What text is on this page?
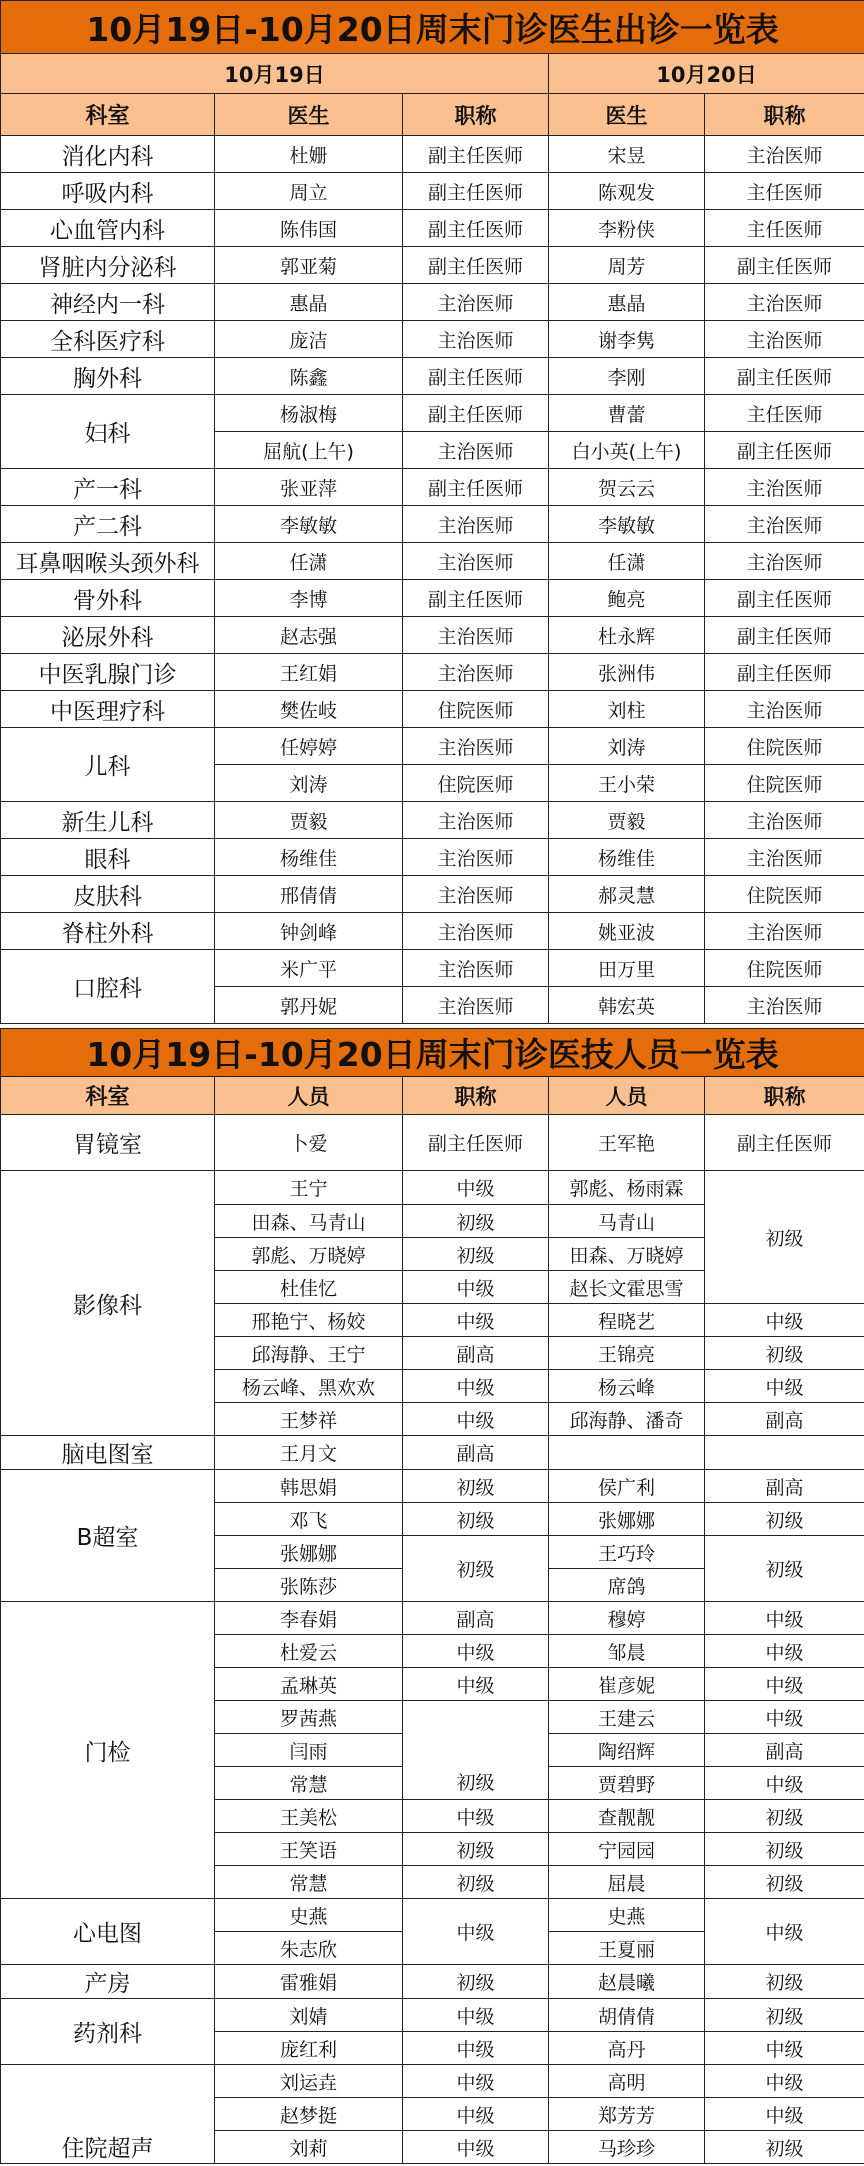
10月19日-10月20日周末门诊医生出诊一览表				
10月19日			10月20日	
科室	医生	职称	医生	职称
消化内科	杜姗	副主任医师	宋昱	主治医师
呼吸内科	周立	副主任医师	陈观发	主任医师
心血管内科	陈伟国	副主任医师	李粉侠	主任医师
肾脏内分泌科	郭亚菊	副主任医师	周芳	副主任医师
神经内一科	惠晶	主治医师	惠晶	主治医师
全科医疗科	庞洁	主治医师	谢李隽	主治医师
胸外科	陈鑫	副主任医师	李刚	副主任医师
妇科	杨淑梅	副主任医师	曹蕾	主任医师
	屈航(上午)	主治医师	白小英(上午)	副主任医师
产一科	张亚萍	副主任医师	贺云云	主治医师
产二科	李敏敏	主治医师	李敏敏	主治医师
耳鼻咽喉头颈外科	任潇	主治医师	任潇	主治医师
骨外科	李博	副主任医师	鲍亮	副主任医师
泌尿外科	赵志强	主治医师	杜永辉	副主任医师
中医乳腺门诊	王红娟	主治医师	张洲伟	副主任医师
中医理疗科	樊佐岐	住院医师	刘柱	主治医师
儿科	任婷婷	主治医师	刘涛	住院医师
	刘涛	住院医师	王小荣	住院医师
新生儿科	贾毅	主治医师	贾毅	主治医师
眼科	杨维佳	主治医师	杨维佳	主治医师
皮肤科	邢倩倩	主治医师	郝灵慧	住院医师
脊柱外科	钟剑峰	主治医师	姚亚波	主治医师
口腔科	米广平	主治医师	田万里	住院医师
	郭丹妮	主治医师	韩宏英	主治医师
10月19日-10月20日周末门诊医技人员一览表				
科室	人员	职称	人员	职称
胃镜室	卜爱	副主任医师	王军艳	副主任医师
影像科	王宁	中级	郭彪、杨雨霖	初级
	田森、马青山	初级	马青山	
	郭彪、万晓婷	初级	田森、万晓婷	
	杜佳忆	中级	赵长文霍思雪	
	邢艳宁、杨姣	中级	程晓艺	中级
	邱海静、王宁	副高	王锦亮	初级
	杨云峰、黑欢欢	中级	杨云峰	中级
	王梦祥	中级	邱海静、潘奇	副高
脑电图室	王月文	副高		
B超室	韩思娟	初级	侯广利	副高
	邓飞	初级	张娜娜	初级
	张娜娜	初级	王巧玲	初级
	张陈莎		席鸽	
门检	李春娟	副高	穆婷	中级
	杜爱云	中级	邹晨	中级
	孟琳英	中级	崔彦妮	中级
	罗茜燕	初级	王建云	中级
	闫雨		陶绍辉	副高
	常慧		贾碧野	中级
	王美松	中级	查靓靓	初级
	王笑语	初级	宁园园	初级
	常慧	初级	屈晨	初级
心电图	史燕	中级	史燕	中级
	朱志欣		王夏丽	
产房	雷雅娟	初级	赵晨曦	初级
药剂科	刘婧	中级	胡倩倩	初级
	庞红利	中级	高丹	中级
住院超声	刘运垚	中级	高明	中级
	赵梦挺	中级	郑芳芳	中级
	刘莉	中级	马珍珍	初级
